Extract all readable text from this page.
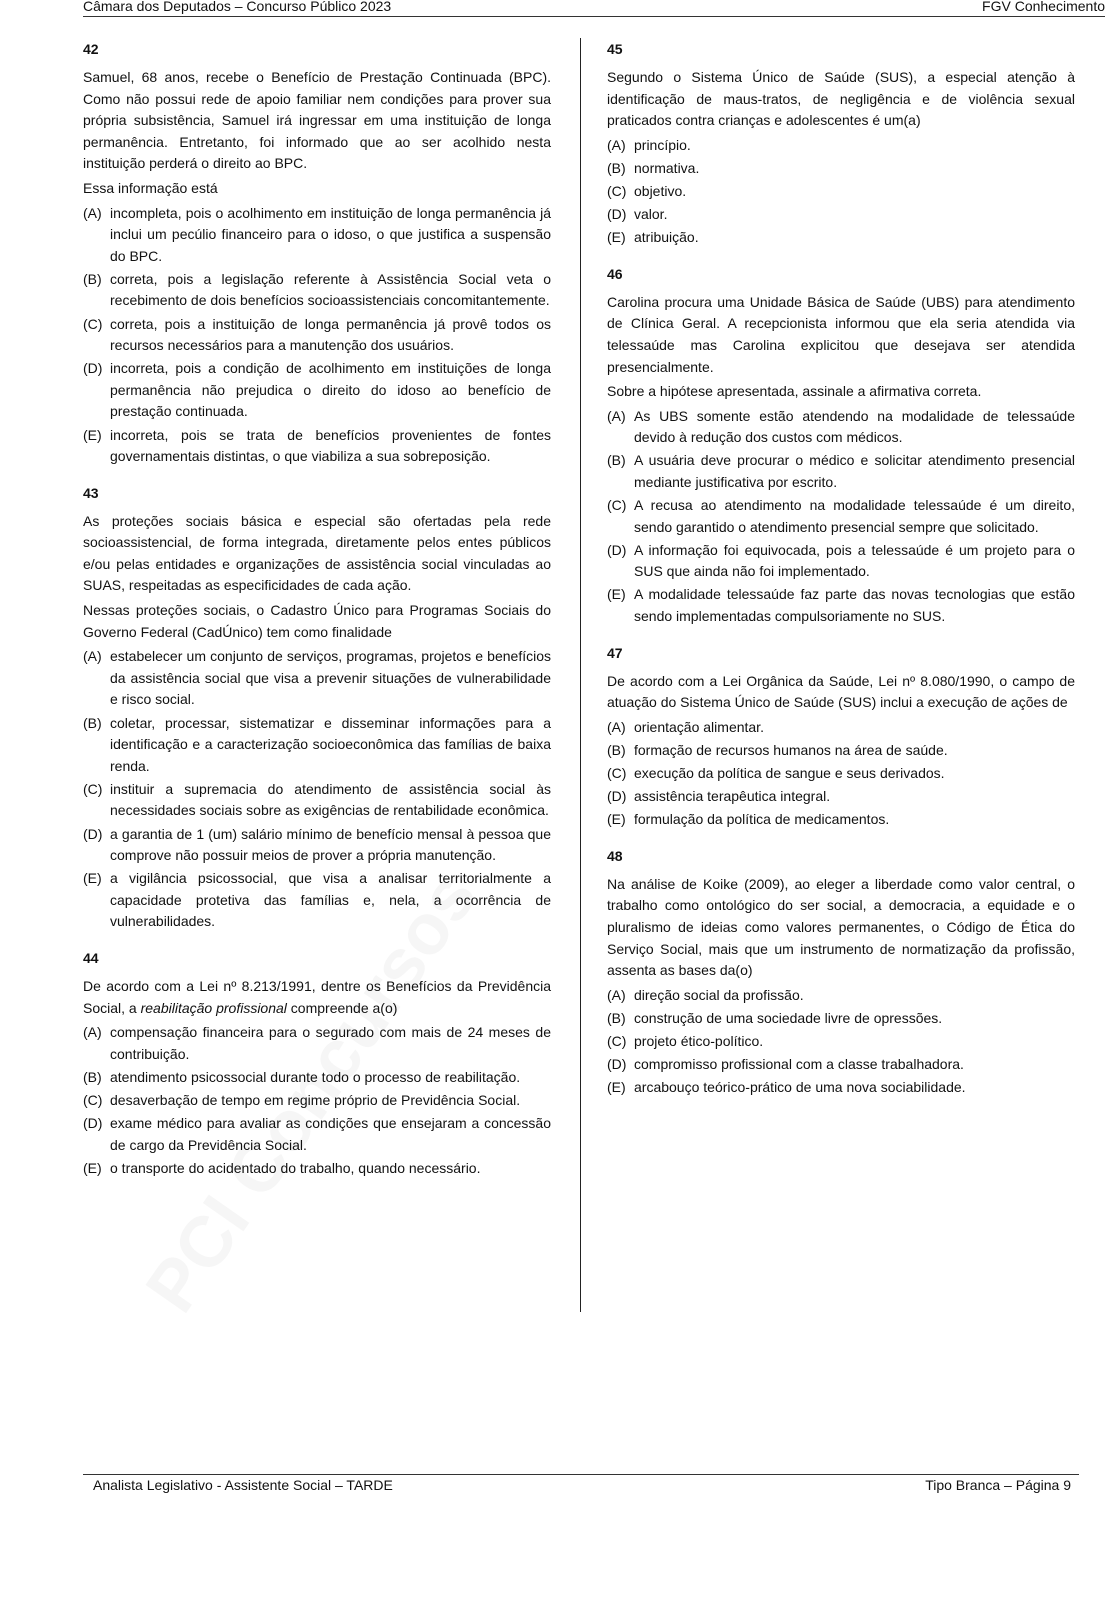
Câmara dos Deputados – Concurso Público 2023	FGV Conhecimento
42
Samuel, 68 anos, recebe o Benefício de Prestação Continuada (BPC). Como não possui rede de apoio familiar nem condições para prover sua própria subsistência, Samuel irá ingressar em uma instituição de longa permanência. Entretanto, foi informado que ao ser acolhido nesta instituição perderá o direito ao BPC.
Essa informação está
(A) incompleta, pois o acolhimento em instituição de longa permanência já inclui um pecúlio financeiro para o idoso, o que justifica a suspensão do BPC.
(B) correta, pois a legislação referente à Assistência Social veta o recebimento de dois benefícios socioassistenciais concomitantemente.
(C) correta, pois a instituição de longa permanência já provê todos os recursos necessários para a manutenção dos usuários.
(D) incorreta, pois a condição de acolhimento em instituições de longa permanência não prejudica o direito do idoso ao benefício de prestação continuada.
(E) incorreta, pois se trata de benefícios provenientes de fontes governamentais distintas, o que viabiliza a sua sobreposição.
43
As proteções sociais básica e especial são ofertadas pela rede socioassistencial, de forma integrada, diretamente pelos entes públicos e/ou pelas entidades e organizações de assistência social vinculadas ao SUAS, respeitadas as especificidades de cada ação.
Nessas proteções sociais, o Cadastro Único para Programas Sociais do Governo Federal (CadÚnico) tem como finalidade
(A) estabelecer um conjunto de serviços, programas, projetos e benefícios da assistência social que visa a prevenir situações de vulnerabilidade e risco social.
(B) coletar, processar, sistematizar e disseminar informações para a identificação e a caracterização socioeconômica das famílias de baixa renda.
(C) instituir a supremacia do atendimento de assistência social às necessidades sociais sobre as exigências de rentabilidade econômica.
(D) a garantia de 1 (um) salário mínimo de benefício mensal à pessoa que comprove não possuir meios de prover a própria manutenção.
(E) a vigilância psicossocial, que visa a analisar territorialmente a capacidade protetiva das famílias e, nela, a ocorrência de vulnerabilidades.
44
De acordo com a Lei nº 8.213/1991, dentre os Benefícios da Previdência Social, a reabilitação profissional compreende a(o)
(A) compensação financeira para o segurado com mais de 24 meses de contribuição.
(B) atendimento psicossocial durante todo o processo de reabilitação.
(C) desaverbação de tempo em regime próprio de Previdência Social.
(D) exame médico para avaliar as condições que ensejaram a concessão de cargo da Previdência Social.
(E) o transporte do acidentado do trabalho, quando necessário.
45
Segundo o Sistema Único de Saúde (SUS), a especial atenção à identificação de maus-tratos, de negligência e de violência sexual praticados contra crianças e adolescentes é um(a)
(A) princípio.
(B) normativa.
(C) objetivo.
(D) valor.
(E) atribuição.
46
Carolina procura uma Unidade Básica de Saúde (UBS) para atendimento de Clínica Geral. A recepcionista informou que ela seria atendida via telessaúde mas Carolina explicitou que desejava ser atendida presencialmente.
Sobre a hipótese apresentada, assinale a afirmativa correta.
(A) As UBS somente estão atendendo na modalidade de telessaúde devido à redução dos custos com médicos.
(B) A usuária deve procurar o médico e solicitar atendimento presencial mediante justificativa por escrito.
(C) A recusa ao atendimento na modalidade telessaúde é um direito, sendo garantido o atendimento presencial sempre que solicitado.
(D) A informação foi equivocada, pois a telessaúde é um projeto para o SUS que ainda não foi implementado.
(E) A modalidade telessaúde faz parte das novas tecnologias que estão sendo implementadas compulsoriamente no SUS.
47
De acordo com a Lei Orgânica da Saúde, Lei nº 8.080/1990, o campo de atuação do Sistema Único de Saúde (SUS) inclui a execução de ações de
(A) orientação alimentar.
(B) formação de recursos humanos na área de saúde.
(C) execução da política de sangue e seus derivados.
(D) assistência terapêutica integral.
(E) formulação da política de medicamentos.
48
Na análise de Koike (2009), ao eleger a liberdade como valor central, o trabalho como ontológico do ser social, a democracia, a equidade e o pluralismo de ideias como valores permanentes, o Código de Ética do Serviço Social, mais que um instrumento de normatização da profissão, assenta as bases da(o)
(A) direção social da profissão.
(B) construção de uma sociedade livre de opressões.
(C) projeto ético-político.
(D) compromisso profissional com a classe trabalhadora.
(E) arcabouço teórico-prático de uma nova sociabilidade.
Analista Legislativo - Assistente Social – TARDE	Tipo Branca – Página 9
